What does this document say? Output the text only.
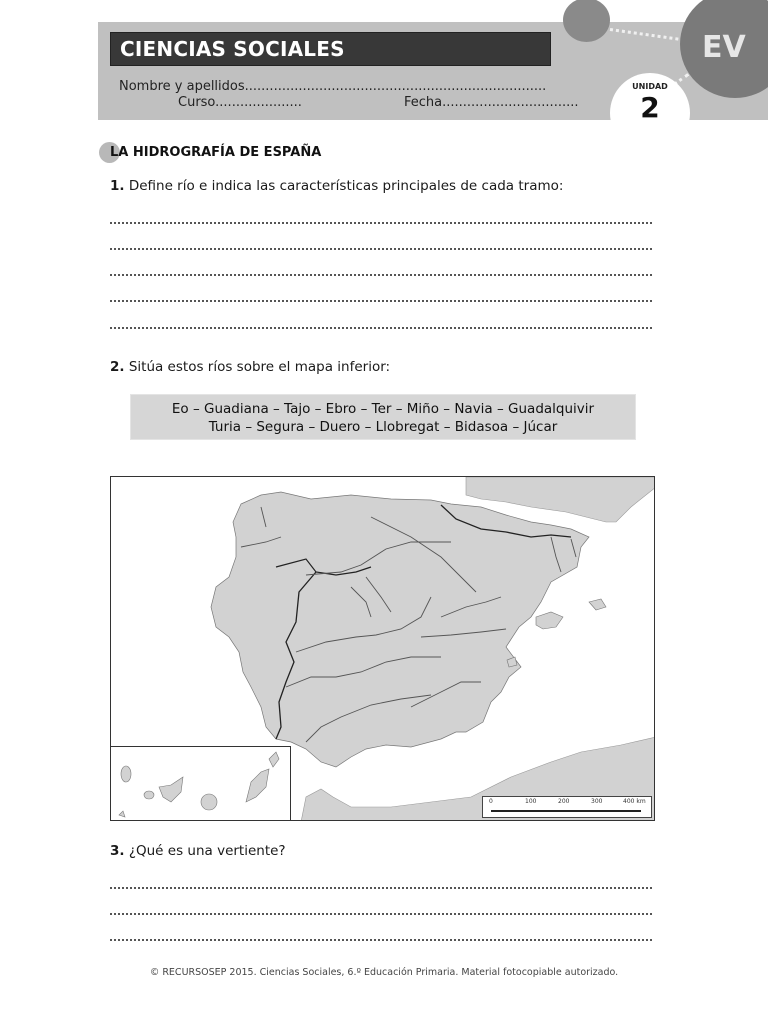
EV
CIENCIAS SOCIALES
Nombre y apellidos.........................................................................
Curso.....................	Fecha.................................
UNIDAD
2
LA HIDROGRAFÍA DE ESPAÑA
1. Define río e indica las características principales de cada tramo:
2. Sitúa estos ríos sobre el mapa inferior:
Eo – Guadiana – Tajo – Ebro – Ter – Miño – Navia – Guadalquivir
Turia – Segura – Duero – Llobregat – Bidasoa – Júcar
0	100	200	300	400 km
3. ¿Qué es una vertiente?
© RECURSOSEP 2015. Ciencias Sociales, 6.º Educación Primaria. Material fotocopiable autorizado.
